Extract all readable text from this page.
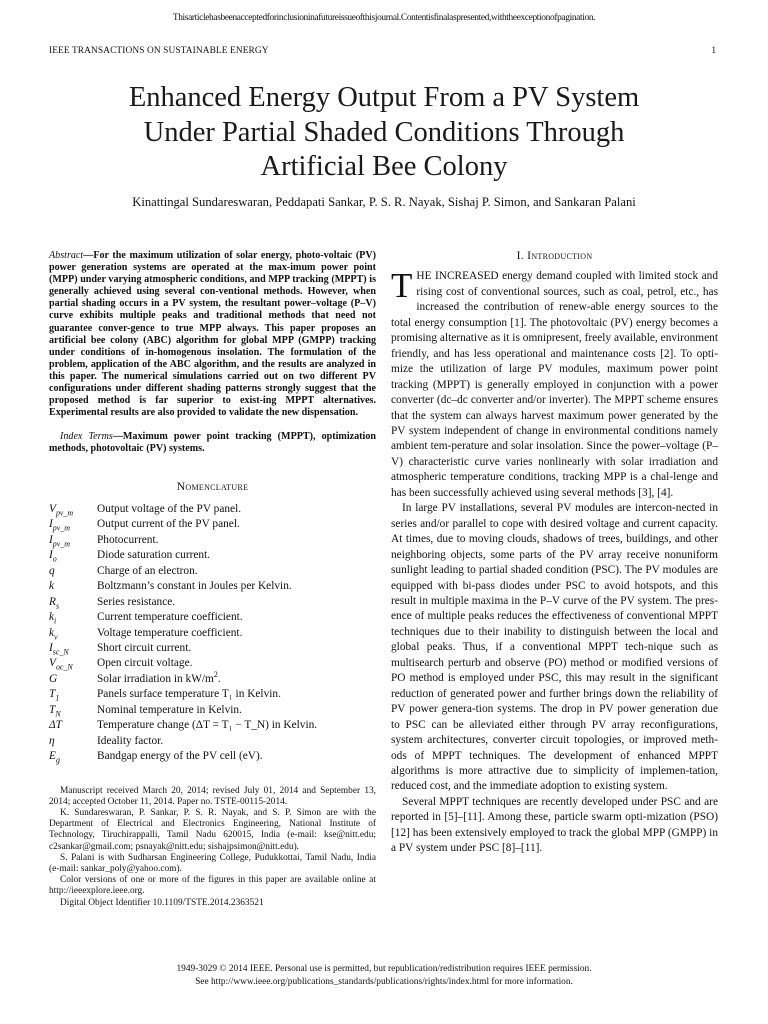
Thisarticlehasbeenacceptedforinclusioninafutureissueofthisjournal.Contentisfinalaspresented,withtheexceptionofpagination.
IEEE TRANSACTIONS ON SUSTAINABLE ENERGY	1
Enhanced Energy Output From a PV System
Under Partial Shaded Conditions Through
Artificial Bee Colony
Kinattingal Sundareswaran, Peddapati Sankar, P. S. R. Nayak, Sishaj P. Simon, and Sankaran Palani

Abstract—For the maximum utilization of solar energy, photo-voltaic (PV) power generation systems are operated at the max-imum power point (MPP) under varying atmospheric conditions, and MPP tracking (MPPT) is generally achieved using several con-ventional methods. However, when partial shading occurs in a PV system, the resultant power–voltage (P–V) curve exhibits multiple peaks and traditional methods that need not guarantee conver-gence to true MPP always. This paper proposes an artificial bee colony (ABC) algorithm for global MPP (GMPP) tracking under conditions of in-homogenous insolation. The formulation of the problem, application of the ABC algorithm, and the results are analyzed in this paper. The numerical simulations carried out on two different PV configurations under different shading patterns strongly suggest that the proposed method is far superior to exist-ing MPPT alternatives. Experimental results are also provided to validate the new dispensation.

Index Terms—Maximum power point tracking (MPPT), optimization methods, photovoltaic (PV) systems.

Nomenclature

$V_{pv\_m}$	Output voltage of the PV panel.
$I_{pv\_m}$	Output current of the PV panel.
$I_{pv\_m}$	Photocurrent.
$I_o$	Diode saturation current.
q	Charge of an electron.
k	Boltzmann’s constant in Joules per Kelvin.
$R_s$	Series resistance.
$k_i$	Current temperature coefficient.
$k_v$	Voltage temperature coefficient.
$I_{sc\_N}$	Short circuit current.
$V_{oc\_N}$	Open circuit voltage.
G	Solar irradiation in $kW/m^2$.
$T_1$	Panels surface temperature T₁ in Kelvin.
$T_N$	Nominal temperature in Kelvin.
ΔT	Temperature change (ΔT = T₁ − T_N) in Kelvin.
η	Ideality factor.
$E_g$	Bandgap energy of the PV cell (eV).

Manuscript received March 20, 2014; revised July 01, 2014 and September 13, 2014; accepted October 11, 2014. Paper no. TSTE-00115-2014.

K. Sundareswaran, P. Sankar, P. S. R. Nayak, and S. P. Simon are with the Department of Electrical and Electronics Engineering, National Institute of Technology, Tiruchirappalli, Tamil Nadu 620015, India (e-mail: kse@nitt.edu; c2sankar@gmail.com; psnayak@nitt.edu; sishajpsimon@nitt.edu).

S. Palani is with Sudharsan Engineering College, Pudukkottai, Tamil Nadu, India (e-mail: sankar_poly@yahoo.com).

Color versions of one or more of the figures in this paper are available online at http://ieeexplore.ieee.org.

Digital Object Identifier 10.1109/TSTE.2014.2363521

I. Introduction

THE INCREASED energy demand coupled with limited stock and rising cost of conventional sources, such as coal, petrol, etc., has increased the contribution of renew-able energy sources to the total energy consumption [1]. The photovoltaic (PV) energy becomes a promising alternative as it is omnipresent, freely available, environment friendly, and has less operational and maintenance costs [2]. To opti-mize the utilization of large PV modules, maximum power point tracking (MPPT) is generally employed in conjunction with a power converter (dc–dc converter and/or inverter). The MPPT scheme ensures that the system can always harvest maximum power generated by the PV system independent of change in environmental conditions namely ambient tem-perature and solar insolation. Since the power–voltage (P–V) characteristic curve varies nonlinearly with solar irradiation and atmospheric temperature conditions, tracking MPP is a chal-lenge and has been successfully achieved using several methods [3], [4].

In large PV installations, several PV modules are intercon-nected in series and/or parallel to cope with desired voltage and current capacity. At times, due to moving clouds, shadows of trees, buildings, and other neighboring objects, some parts of the PV array receive nonuniform sunlight leading to partial shaded condition (PSC). The PV modules are equipped with bi-pass diodes under PSC to avoid hotspots, and this result in multiple maxima in the P–V curve of the PV system. The pres-ence of multiple peaks reduces the effectiveness of conventional MPPT techniques due to their inability to distinguish between the local and global peaks. Thus, if a conventional MPPT tech-nique such as multisearch perturb and observe (PO) method or modified versions of PO method is employed under PSC, this may result in the significant reduction of generated power and further brings down the reliability of PV power genera-tion systems. The drop in PV power generation due to PSC can be alleviated either through PV array reconfigurations, system architectures, converter circuit topologies, or improved meth-ods of MPPT techniques. The development of enhanced MPPT algorithms is more attractive due to simplicity of implemen-tation, reduced cost, and the immediate adoption to existing system.

Several MPPT techniques are recently developed under PSC and are reported in [5]–[11]. Among these, particle swarm opti-mization (PSO) [12] has been extensively employed to track the global MPP (GMPP) in a PV system under PSC [8]–[11].

1949-3029 © 2014 IEEE. Personal use is permitted, but republication/redistribution requires IEEE permission.
See http://www.ieee.org/publications_standards/publications/rights/index.html for more information.
